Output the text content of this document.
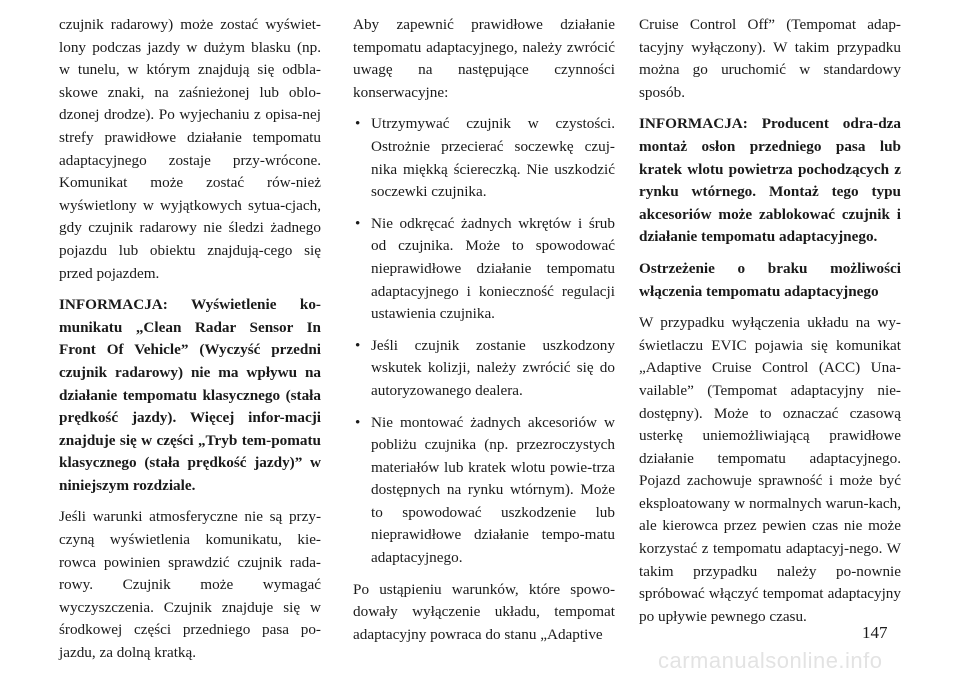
czujnik radarowy) może zostać wyświet-lony podczas jazdy w dużym blasku (np. w tunelu, w którym znajdują się odbla-skowe znaki, na zaśnieżonej lub oblo-dzonej drodze). Po wyjechaniu z opisa-nej strefy prawidłowe działanie tempomatu adaptacyjnego zostaje przy-wrócone. Komunikat może zostać rów-nież wyświetlony w wyjątkowych sytua-cjach, gdy czujnik radarowy nie śledzi żadnego pojazdu lub obiektu znajdują-cego się przed pojazdem.

INFORMACJA: Wyświetlenie ko-munikatu „Clean Radar Sensor In Front Of Vehicle” (Wyczyść przedni czujnik radarowy) nie ma wpływu na działanie tempomatu klasycznego (stała prędkość jazdy). Więcej infor-macji znajduje się w części „Tryb tem-pomatu klasycznego (stała prędkość jazdy)” w niniejszym rozdziale.

Jeśli warunki atmosferyczne nie są przy-czyną wyświetlenia komunikatu, kie-rowca powinien sprawdzić czujnik rada-rowy. Czujnik może wymagać wyczyszczenia. Czujnik znajduje się w środkowej części przedniego pasa po-jazdu, za dolną kratką.

Aby zapewnić prawidłowe działanie tempomatu adaptacyjnego, należy zwrócić uwagę na następujące czynności konserwacyjne:

• Utrzymywać czujnik w czystości. Ostrożnie przecierać soczewkę czuj-nika miękką ściereczką. Nie uszkodzić soczewki czujnika.
• Nie odkręcać żadnych wkrętów i śrub od czujnika. Może to spowodować nieprawidłowe działanie tempomatu adaptacyjnego i konieczność regulacji ustawienia czujnika.
• Jeśli czujnik zostanie uszkodzony wskutek kolizji, należy zwrócić się do autoryzowanego dealera.
• Nie montować żadnych akcesoriów w pobliżu czujnika (np. przezroczystych materiałów lub kratek wlotu powie-trza dostępnych na rynku wtórnym). Może to spowodować uszkodzenie lub nieprawidłowe działanie tempo-matu adaptacyjnego.

Po ustąpieniu warunków, które spowo-dowały wyłączenie układu, tempomat adaptacyjny powraca do stanu „Adaptive

Cruise Control Off” (Tempomat adap-tacyjny wyłączony). W takim przypadku można go uruchomić w standardowy sposób.

INFORMACJA: Producent odra-dza montaż osłon przedniego pasa lub kratek wlotu powietrza pochodzących z rynku wtórnego. Montaż tego typu akcesoriów może zablokować czujnik i działanie tempomatu adaptacyjnego.

Ostrzeżenie o braku możliwości włączenia tempomatu adaptacyjnego

W przypadku wyłączenia układu na wy-świetlaczu EVIC pojawia się komunikat „Adaptive Cruise Control (ACC) Una-vailable” (Tempomat adaptacyjny nie-dostępny). Może to oznaczać czasową usterkę uniemożliwiającą prawidłowe działanie tempomatu adaptacyjnego. Pojazd zachowuje sprawność i może być eksploatowany w normalnych warun-kach, ale kierowca przez pewien czas nie może korzystać z tempomatu adaptacyj-nego. W takim przypadku należy po-nownie spróbować włączyć tempomat adaptacyjny po upływie pewnego czasu.

147
carmanualsonline.info
